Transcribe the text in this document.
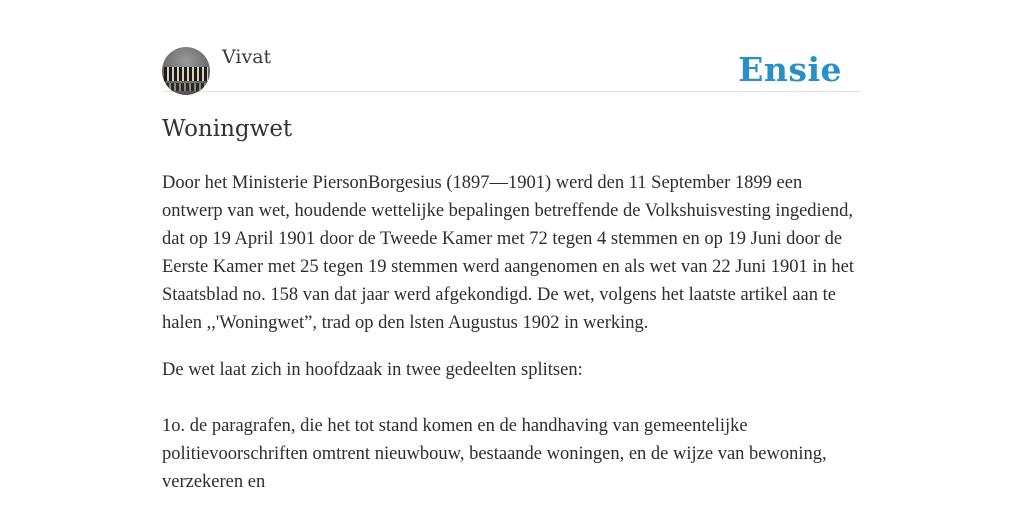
Vivat	Ensie
Woningwet

Door het Ministerie PiersonBorgesius (1897—1901) werd den 11 September 1899 een ontwerp van wet, houdende wettelijke bepalingen betreffende de Volkshuisvesting ingediend, dat op 19 April 1901 door de Tweede Kamer met 72 tegen 4 stemmen en op 19 Juni door de Eerste Kamer met 25 tegen 19 stemmen werd aangenomen en als wet van 22 Juni 1901 in het Staatsblad no. 158 van dat jaar werd afgekondigd. De wet, volgens het laatste artikel aan te halen ,,'Woningwet”, trad op den lsten Augustus 1902 in werking.

De wet laat zich in hoofdzaak in twee gedeelten splitsen:

1o. de paragrafen, die het tot stand komen en de handhaving van gemeentelijke politievoorschriften omtrent nieuwbouw, bestaande woningen, en de wijze van bewoning, verzekeren en
